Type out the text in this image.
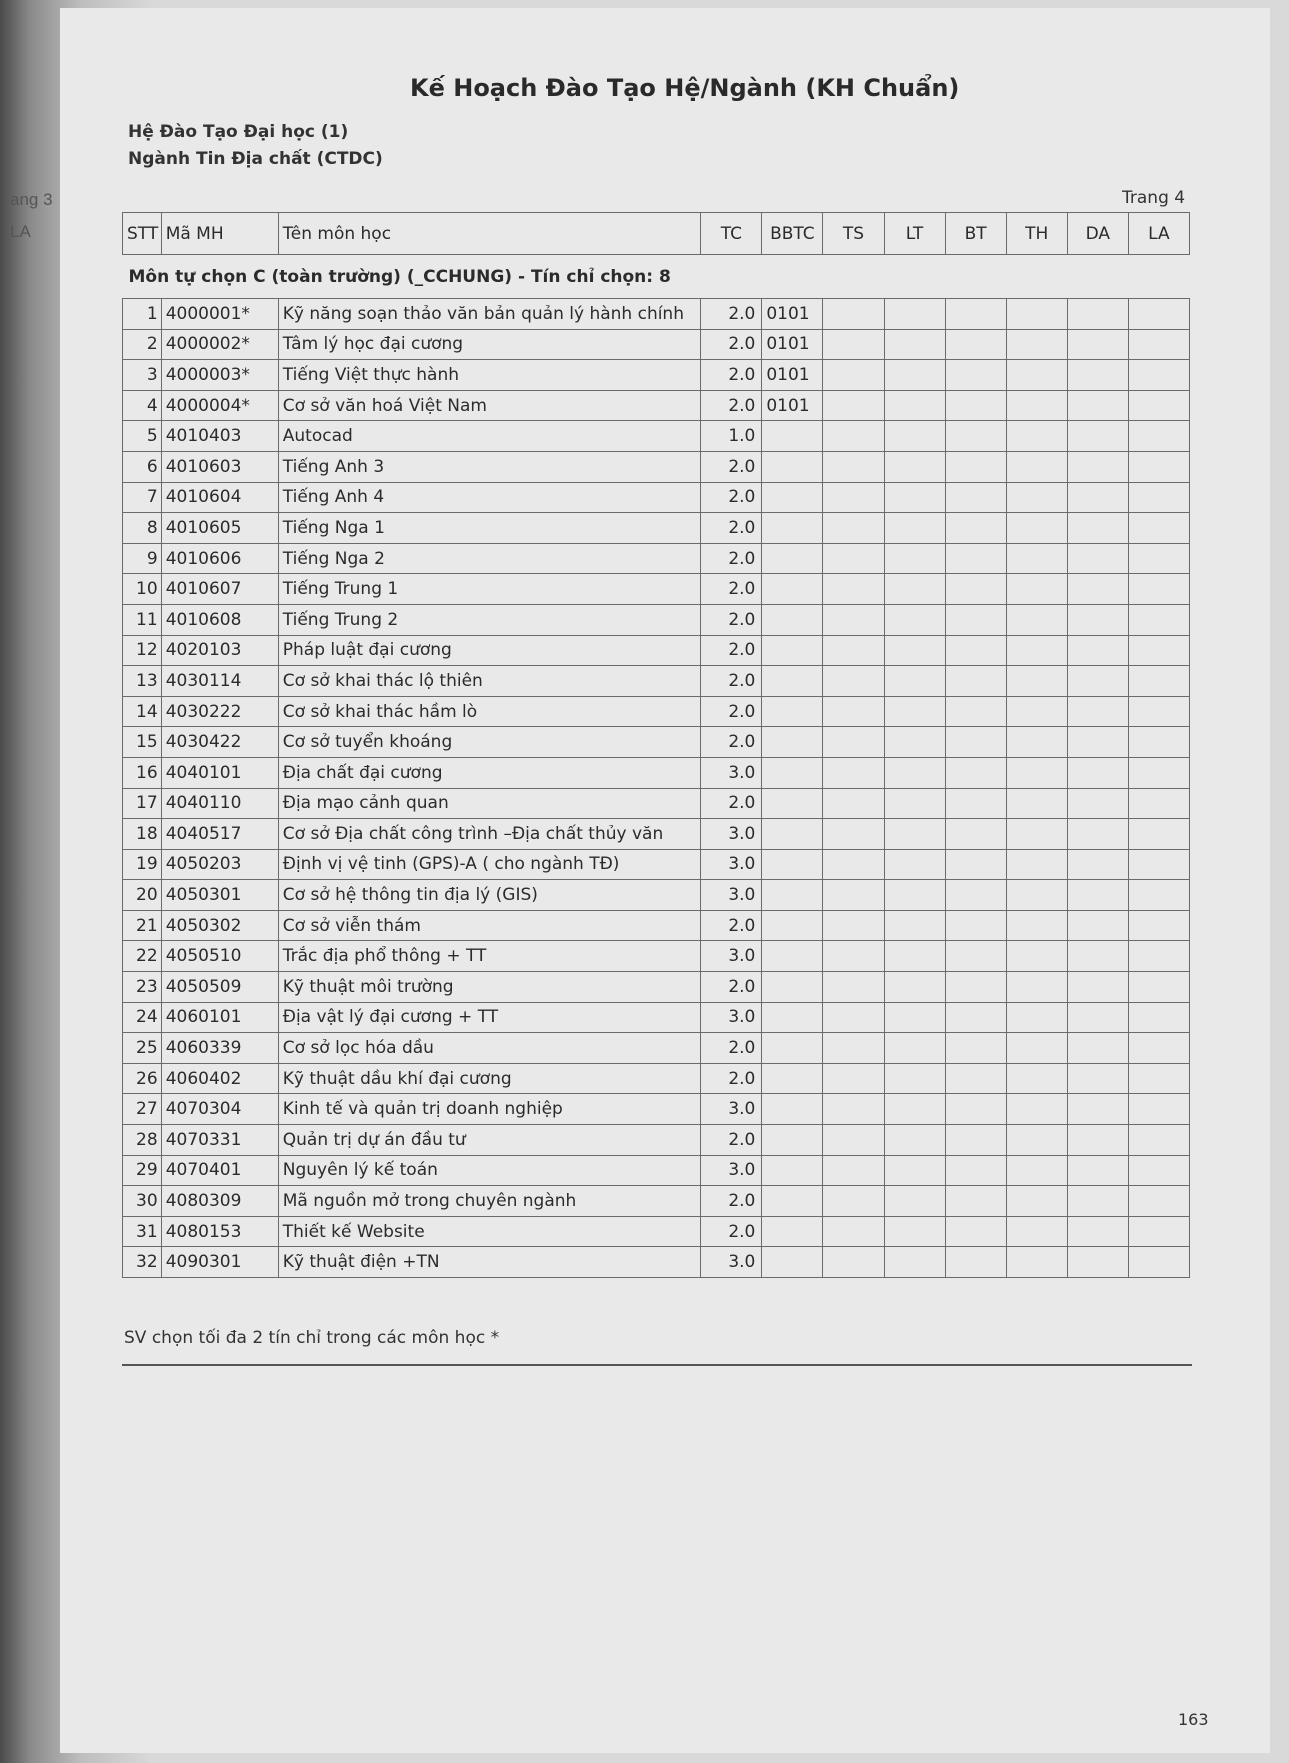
ang 3
LA
Kế Hoạch Đào Tạo Hệ/Ngành (KH Chuẩn)
Hệ Đào Tạo Đại học (1)
Ngành Tin Địa chất (CTDC)
Trang 4
STT	Mã MH	Tên môn học	TC	BBTC	TS	LT	BT	TH	DA	LA
Môn tự chọn C (toàn trường) (_CCHUNG) - Tín chỉ chọn: 8										
1	4000001*	Kỹ năng soạn thảo văn bản quản lý hành chính	2.0	0101						
2	4000002*	Tâm lý học đại cương	2.0	0101						
3	4000003*	Tiếng Việt thực hành	2.0	0101						
4	4000004*	Cơ sở văn hoá Việt Nam	2.0	0101						
5	4010403	Autocad	1.0							
6	4010603	Tiếng Anh 3	2.0							
7	4010604	Tiếng Anh 4	2.0							
8	4010605	Tiếng Nga 1	2.0							
9	4010606	Tiếng Nga 2	2.0							
10	4010607	Tiếng Trung 1	2.0							
11	4010608	Tiếng Trung 2	2.0							
12	4020103	Pháp luật đại cương	2.0							
13	4030114	Cơ sở khai thác lộ thiên	2.0							
14	4030222	Cơ sở khai thác hầm lò	2.0							
15	4030422	Cơ sở tuyển khoáng	2.0							
16	4040101	Địa chất đại cương	3.0							
17	4040110	Địa mạo cảnh quan	2.0							
18	4040517	Cơ sở Địa chất công trình –Địa chất thủy văn	3.0							
19	4050203	Định vị vệ tinh (GPS)-A ( cho ngành TĐ)	3.0							
20	4050301	Cơ sở hệ thông tin địa lý (GIS)	3.0							
21	4050302	Cơ sở viễn thám	2.0							
22	4050510	Trắc địa phổ thông + TT	3.0							
23	4050509	Kỹ thuật môi trường	2.0							
24	4060101	Địa vật lý đại cương + TT	3.0							
25	4060339	Cơ sở lọc hóa dầu	2.0							
26	4060402	Kỹ thuật dầu khí đại cương	2.0							
27	4070304	Kinh tế và quản trị doanh nghiệp	3.0							
28	4070331	Quản trị dự án đầu tư	2.0							
29	4070401	Nguyên lý kế toán	3.0							
30	4080309	Mã nguồn mở trong chuyên ngành	2.0							
31	4080153	Thiết kế Website	2.0							
32	4090301	Kỹ thuật điện +TN	3.0							
SV chọn tối đa 2 tín chỉ trong các môn học *
163
